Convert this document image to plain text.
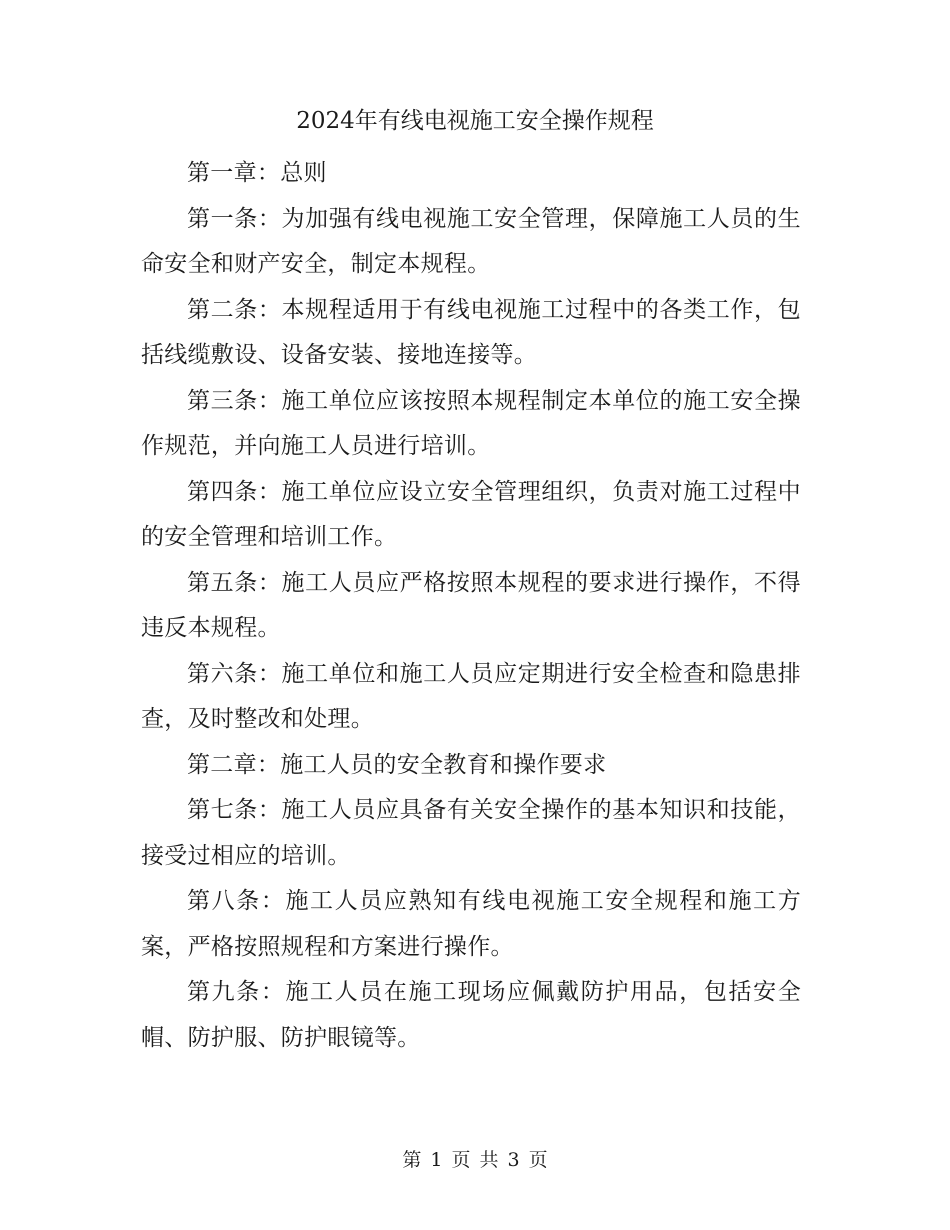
2024年有线电视施工安全操作规程

第一章：总则

第一条：为加强有线电视施工安全管理，保障施工人员的生命安全和财产安全，制定本规程。

第二条：本规程适用于有线电视施工过程中的各类工作，包括线缆敷设、设备安装、接地连接等。

第三条：施工单位应该按照本规程制定本单位的施工安全操作规范，并向施工人员进行培训。

第四条：施工单位应设立安全管理组织，负责对施工过程中的安全管理和培训工作。

第五条：施工人员应严格按照本规程的要求进行操作，不得违反本规程。

第六条：施工单位和施工人员应定期进行安全检查和隐患排查，及时整改和处理。

第二章：施工人员的安全教育和操作要求

第七条：施工人员应具备有关安全操作的基本知识和技能，接受过相应的培训。

第八条：施工人员应熟知有线电视施工安全规程和施工方案，严格按照规程和方案进行操作。

第九条：施工人员在施工现场应佩戴防护用品，包括安全帽、防护服、防护眼镜等。

第 1 页 共 3 页
